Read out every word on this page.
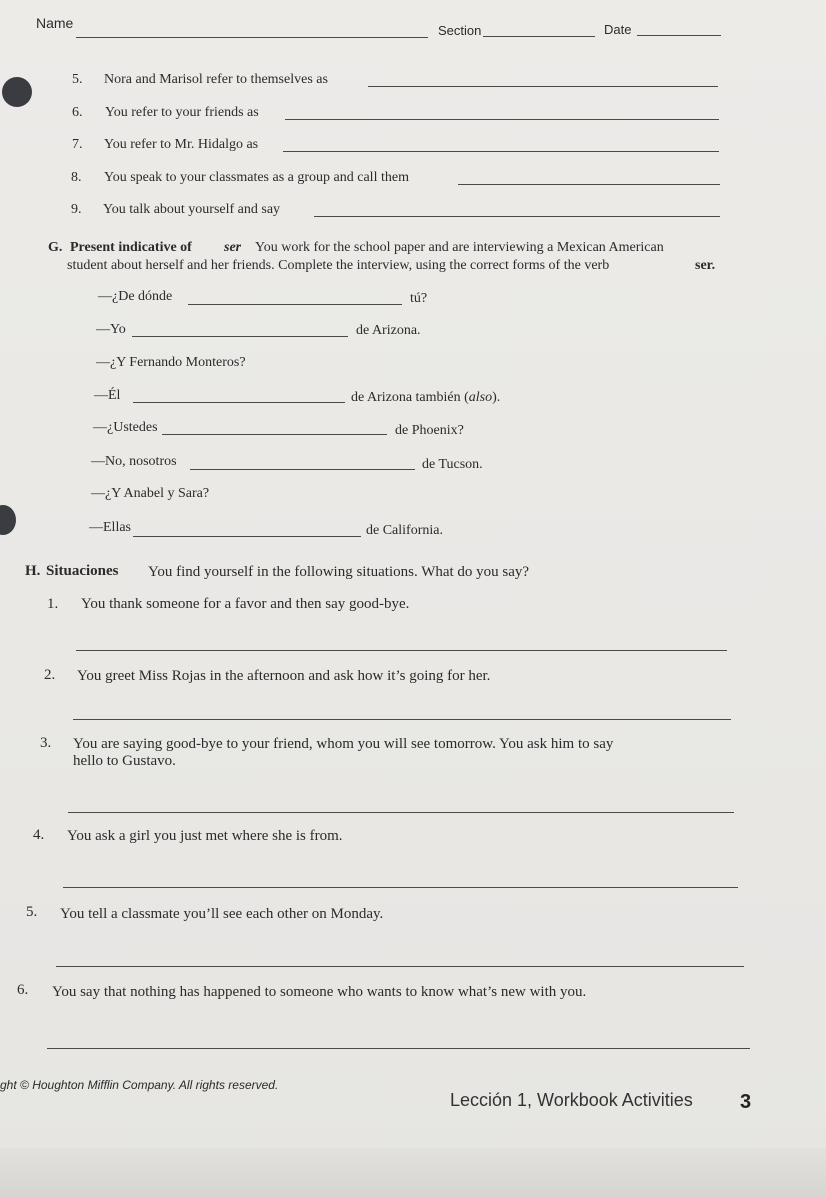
Name	Section	Date
5. Nora and Marisol refer to themselves as
6. You refer to your friends as
7. You refer to Mr. Hidalgo as
8. You speak to your classmates as a group and call them
9. You talk about yourself and say
G. Present indicative of ser You work for the school paper and are interviewing a Mexican American
student about herself and her friends. Complete the interview, using the correct forms of the verb	ser.
—¿De dónde	tú?
—Yo	de Arizona.
—¿Y Fernando Monteros?
—Él	de Arizona también (also).
—¿Ustedes	de Phoenix?
—No, nosotros	de Tucson.
—¿Y Anabel y Sara?
—Ellas	de California.
H. Situaciones You find yourself in the following situations. What do you say?
1. You thank someone for a favor and then say good-bye.
2. You greet Miss Rojas in the afternoon and ask how it’s going for her.
3. You are saying good-bye to your friend, whom you will see tomorrow. You ask him to say
hello to Gustavo.
4. You ask a girl you just met where she is from.
5. You tell a classmate you’ll see each other on Monday.
6. You say that nothing has happened to someone who wants to know what’s new with you.
ght © Houghton Mifflin Company. All rights reserved.
Lección 1, Workbook Activities 3
